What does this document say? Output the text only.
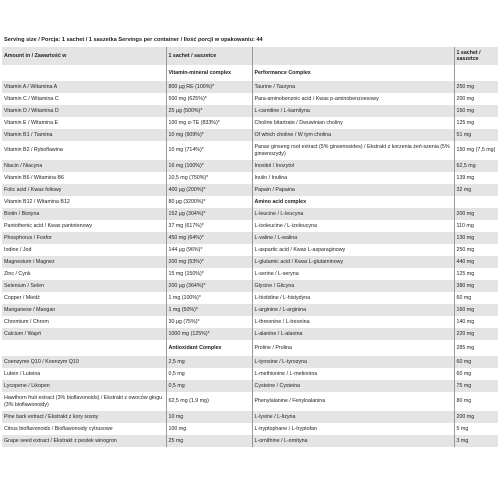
Serving size / Porcja: 1 sachet / 1 saszetka Servings per container / Ilość porcji w opakowaniu: 44
Amount in / Zawartość w	1 sachet / saszetce		1 sachet / saszetce
	Vitamin-mineral complex	Performance Complex	
Vitamin A / Witamina A	800 µg RE (100%)*	Taurine / Tauryna	250 mg
Vitamin C / Witamina C	500 mg (625%)*	Para-aminobenzoic acid / Kwas p-aminobenzoesowy	200 mg
Vitamin D / Witamina D	25 µg (500%)*	L-carnitine / L-karnityna	150 mg
Vitamin E / Witamina E	100 mg α-TE (833%)*	Choline bitartrate / Dwuwinian choliny	125 mg
Vitamin B1 / Tiamina	10 mg (909%)*	Of which choline / W tym cholina	51 mg
Vitamin B2 / Ryboflawina	10 mg (714%)*	Panax ginseng root extract (5% ginsenosides) / Ekstrakt z korzenia żeń-szenia (5% ginsenozydy)	150 mg (7,5 mg)
Niacin / Niacyna	16 mg (100%)*	Inositol / Inozytol	62,5 mg
Vitamin B6 / Witamina B6	10,5 mg (750%)*	Inulin / Inulina	139 mg
Folic acid / Kwas foliowy	400 µg (200%)*	Papain / Papaina	32 mg
Vitamin B12 / Witamina B12	80 µg (3200%)*	Amino acid complex	
Biotin / Biotyna	152 µg (304%)*	L-leucine / L-leucyna	200 mg
Pantothenic acid / Kwas pantotenowy	37 mg (617%)*	L-isoleucine / L-izoleucyna	110 mg
Phosphorus / Fosfor	450 mg (64%)*	L-valine / L-walina	130 mg
Iodine / Jod	144 µg (96%)*	L-aspartic acid / Kwas L-asparaginowy	250 mg
Magnesium / Magnez	200 mg (53%)*	L-glutamic acid / Kwas L-glutaminowy	440 mg
Zinc / Cynk	15 mg (150%)*	L-serine / L-seryna	125 mg
Selenium / Selen	200 µg (364%)*	Glycine / Glicyna	380 mg
Copper / Miedź	1 mg (100%)*	L-histidine / L-histydyna	60 mg
Manganese / Mangan	1 mg (50%)*	L-arginine / L-arginina	160 mg
Chromium / Chrom	30 µg (75%)*	L-threonine / L-treonina	140 mg
Calcium / Wapń	1000 mg (125%)*	L-alanine / L-alanina	220 mg
	Antioxidant Complex	Proline / Prolina	285 mg
Coenzyme Q10 / Koenzym Q10	2,5 mg	L-tyrosine / L-tyrozyna	60 mg
Lutein / Luteina	0,5 mg	L-methionine / L-metionina	60 mg
Lycopene / Likopen	0,5 mg	Cysteine / Cysteina	75 mg
Hawthorn fruit extract (3% bioflavonoids) / Ekstrakt z owoców głogu (3% bioflawonoidy)	62,5 mg (1,9 mg)	Phenylalanine / Fenyloalanina	80 mg
Pine bark extract / Ekstrakt z kory sosny	10 mg	L-lysine / L-lizyna	200 mg
Citrus bioflavonoids / Bioflawonoidy cytrusowe	100 mg	L-tryptophane / L-tryptofan	5 mg
Grape seed extract / Ekstrakt z pestek winogron	25 mg	L-ornithine / L-ornityna	3 mg
